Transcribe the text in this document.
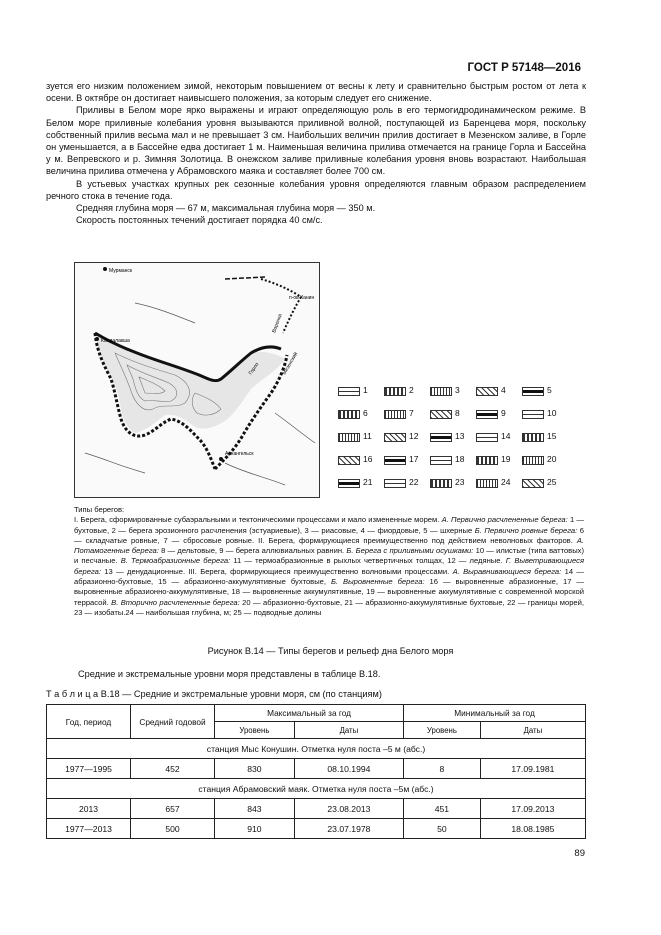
ГОСТ Р 57148—2016

зуется его низким положением зимой, некоторым повышением от весны к лету и сравнительно быстрым ростом от лета к осени. В октябре он достигает наивысшего положения, за которым следует его снижение.

Приливы в Белом море ярко выражены и играют определяющую роль в его термогидродинамическом режиме. В Белом море приливные колебания уровня вызываются приливной волной, поступающей из Баренцева моря, поскольку собственный прилив весьма мал и не превышает 3 см. Наибольших величин прилив достигает в Мезенском заливе, в Горле он уменьшается, а в Бассейне едва достигает 1 м. Наименьшая величина прилива отмечается на границе Горла и Бассейна у м. Вепревского и р. Зимняя Золотица. В онежском заливе приливные колебания уровня вновь возрастают. Наибольшая величина прилива отмечена у Абрамовского маяка и составляет более 700 см.

В устьевых участках крупных рек сезонные колебания уровня определяются главным образом распределением речного стока в течение года.

Средняя глубина моря — 67 м, максимальная глубина моря — 350 м.

Скорость постоянных течений достигает порядка 40 см/с.

Мурманск
Кандалакша
Архангельск
п-ов Канин
Воронка
Горло	Мезенский
1	2	3	4	5
6	7	8	9	10
11	12	13	14	15
16	17	18	19	20
21	22	23	24	25
Типы берегов:
I. Берега, сформированные субаэральными и тектоническими процессами и мало измененные морем. А. Первично расчлененные берега: 1 — бухтовые, 2 — берега эрозионного расчленения (эстуариевые), 3 — риасовые, 4 — фиордовые, 5 — шхерные Б. Первично ровные берега: 6 — складчатые ровные, 7 — сбросовые ровные. II. Берега, формирующиеся преимущественно под действием неволновых факторов. А. Потамогенные берега: 8 — дельтовые, 9 — берега аллювиальных равнин. Б. Берега с приливными осушками: 10 — илистые (типа ваттовых) и песчаные. В. Термоабразионные берега: 11 — термоабразионные в рыхлых четвертичных толщах, 12 — ледяные. Г. Выветривающиеся берега: 13 — денудационные. III. Берега, формирующиеся преимущественно волновыми процессами. А. Выравнивающиеся берега: 14 — абразионно-бухтовые, 15 — абразионно-аккумулятивные бухтовые, Б. Выровненные берега: 16 — выровненные абразионные, 17 — выровненные абразионно-аккумулятивные, 18 — выровненные аккумулятивные, 19 — выровненные аккумулятивные с современной морской террасой. В. Вторично расчлененные берега: 20 — абразионно-бухтовые, 21 — абразионно-аккумулятивные бухтовые, 22 — границы морей, 23 — изобаты.24 — наибольшая глубина, м; 25 — подводные долины
Рисунок В.14 — Типы берегов и рельеф дна Белого моря
Средние и экстремальные уровни моря представлены в таблице В.18.
Т а б л и ц а В.18 — Средние и экстремальные уровни моря, см (по станциям)
Год, период	Средний годовой	Максимальный за год		Минимальный за год	
		Уровень	Даты	Уровень	Даты
станция Мыс Конушин. Отметка нуля поста –5 м (абс.)					
1977—1995	452	830	08.10.1994	8	17.09.1981
станция Абрамовский маяк. Отметка нуля поста –5м (абс.)					
2013	657	843	23.08.2013	451	17.09.2013
1977—2013	500	910	23.07.1978	50	18.08.1985
89
